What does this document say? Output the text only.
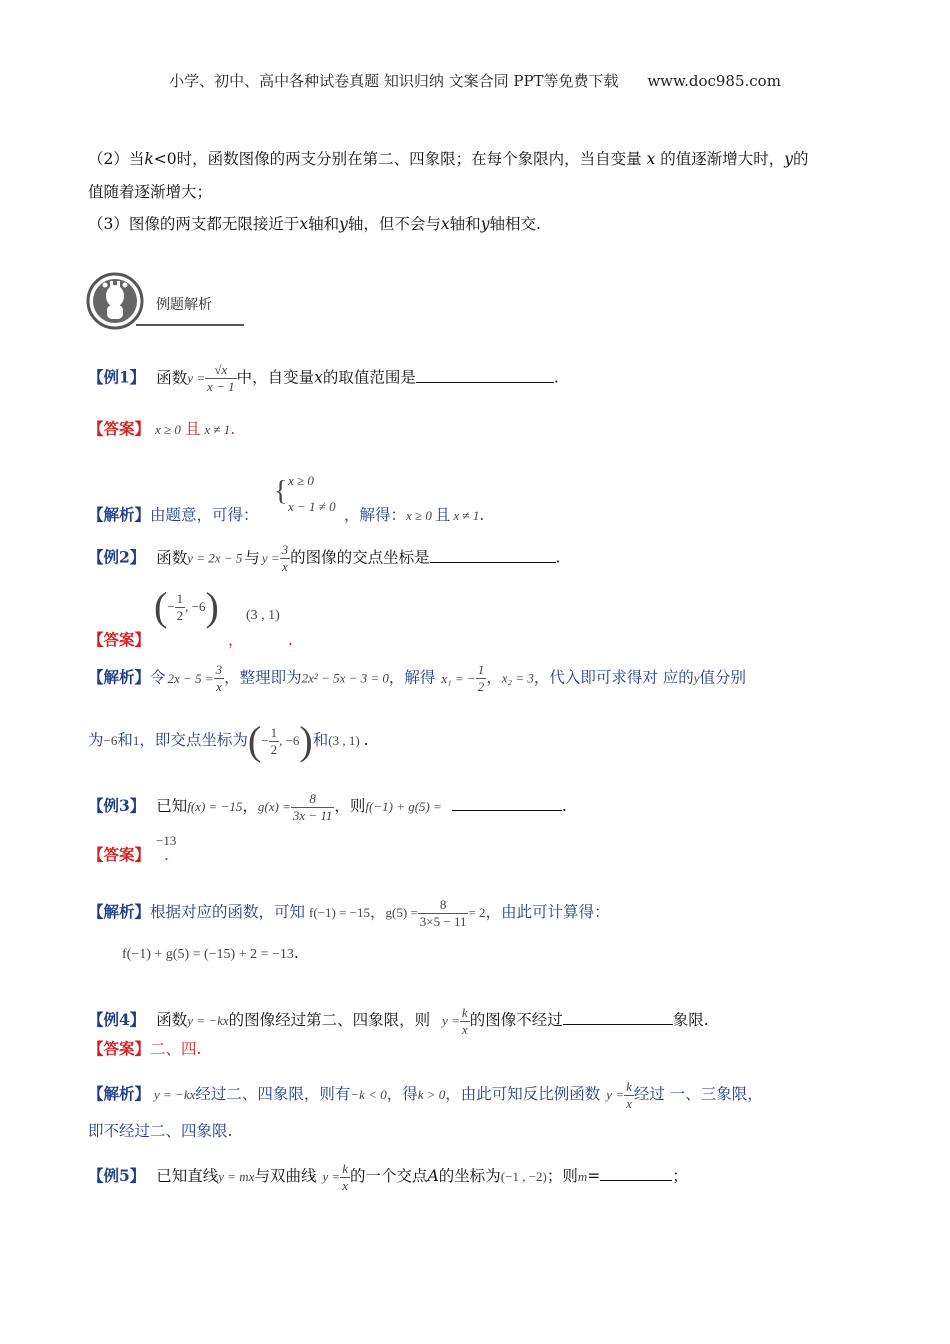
小学、初中、高中各种试卷真题 知识归纳 文案合同 PPT等免费下载 www.doc985.com
（2）当k<0时，函数图像的两支分别在第二、四象限；在每个象限内，当自变量 x 的值逐渐增大时，y的
值随着逐渐增大；
（3）图像的两支都无限接近于x轴和y轴，但不会与x轴和y轴相交.
例题解析
【例1】 函数$y = \frac{√x}{x - 1}$ 中，自变量x的取值范围是	.
【答案】 x ≥ 0 且 x ≠ 1.
{ x ≥ 0
x − 1 ≠ 0
【解析】由题意，可得：	，解得：x ≥ 0 且 x ≠ 1.
【例2】 函数y = 2x − 5 与 $y = \frac{3}{x}$ 的图像的交点坐标是	.
(− $\frac{1}{2}$ , −6)
【答案】	，
(3 , 1)
.
【解析】令 $2x - 5 = \frac{3}{x}$ ，整理即为2x² − 5x − 3 = 0，解得 x₁ = − $\frac{1}{2}$ ，x₂ = 3，代入即可求得对 应的y值分别
为−6和1，即交点坐标为(− $\frac{1}{2}$ , −6)和(3 , 1) .
【例3】 已知f(x) = −15，$g(x) = \frac{8}{3x - 11}$ ，则f(−1) + g(5) =	.
−13
【答案】 .
【解析】根据对应的函数，可知 f(−1) = −15，$g(5) = \frac{8}{3\times 5 - 11} = 2$，由此可计算得：
f(−1) + g(5) = (−15) + 2 = −13.
【例4】 函数y = −kx的图像经过第二、四象限，则 $y = \frac{k}{x}$ 的图像不经过	象限.
【答案】二、四.
【解析】 y = −kx经过二、四象限，则有−k < 0，得k > 0，由此可知反比例函数 $y = \frac{k}{x}$ 经过 一、三象限，
即不经过二、四象限.
【例5】 已知直线y = mx与双曲线 $y = \frac{k}{x}$ 的一个交点A的坐标为(−1 , −2)；则m=	；
